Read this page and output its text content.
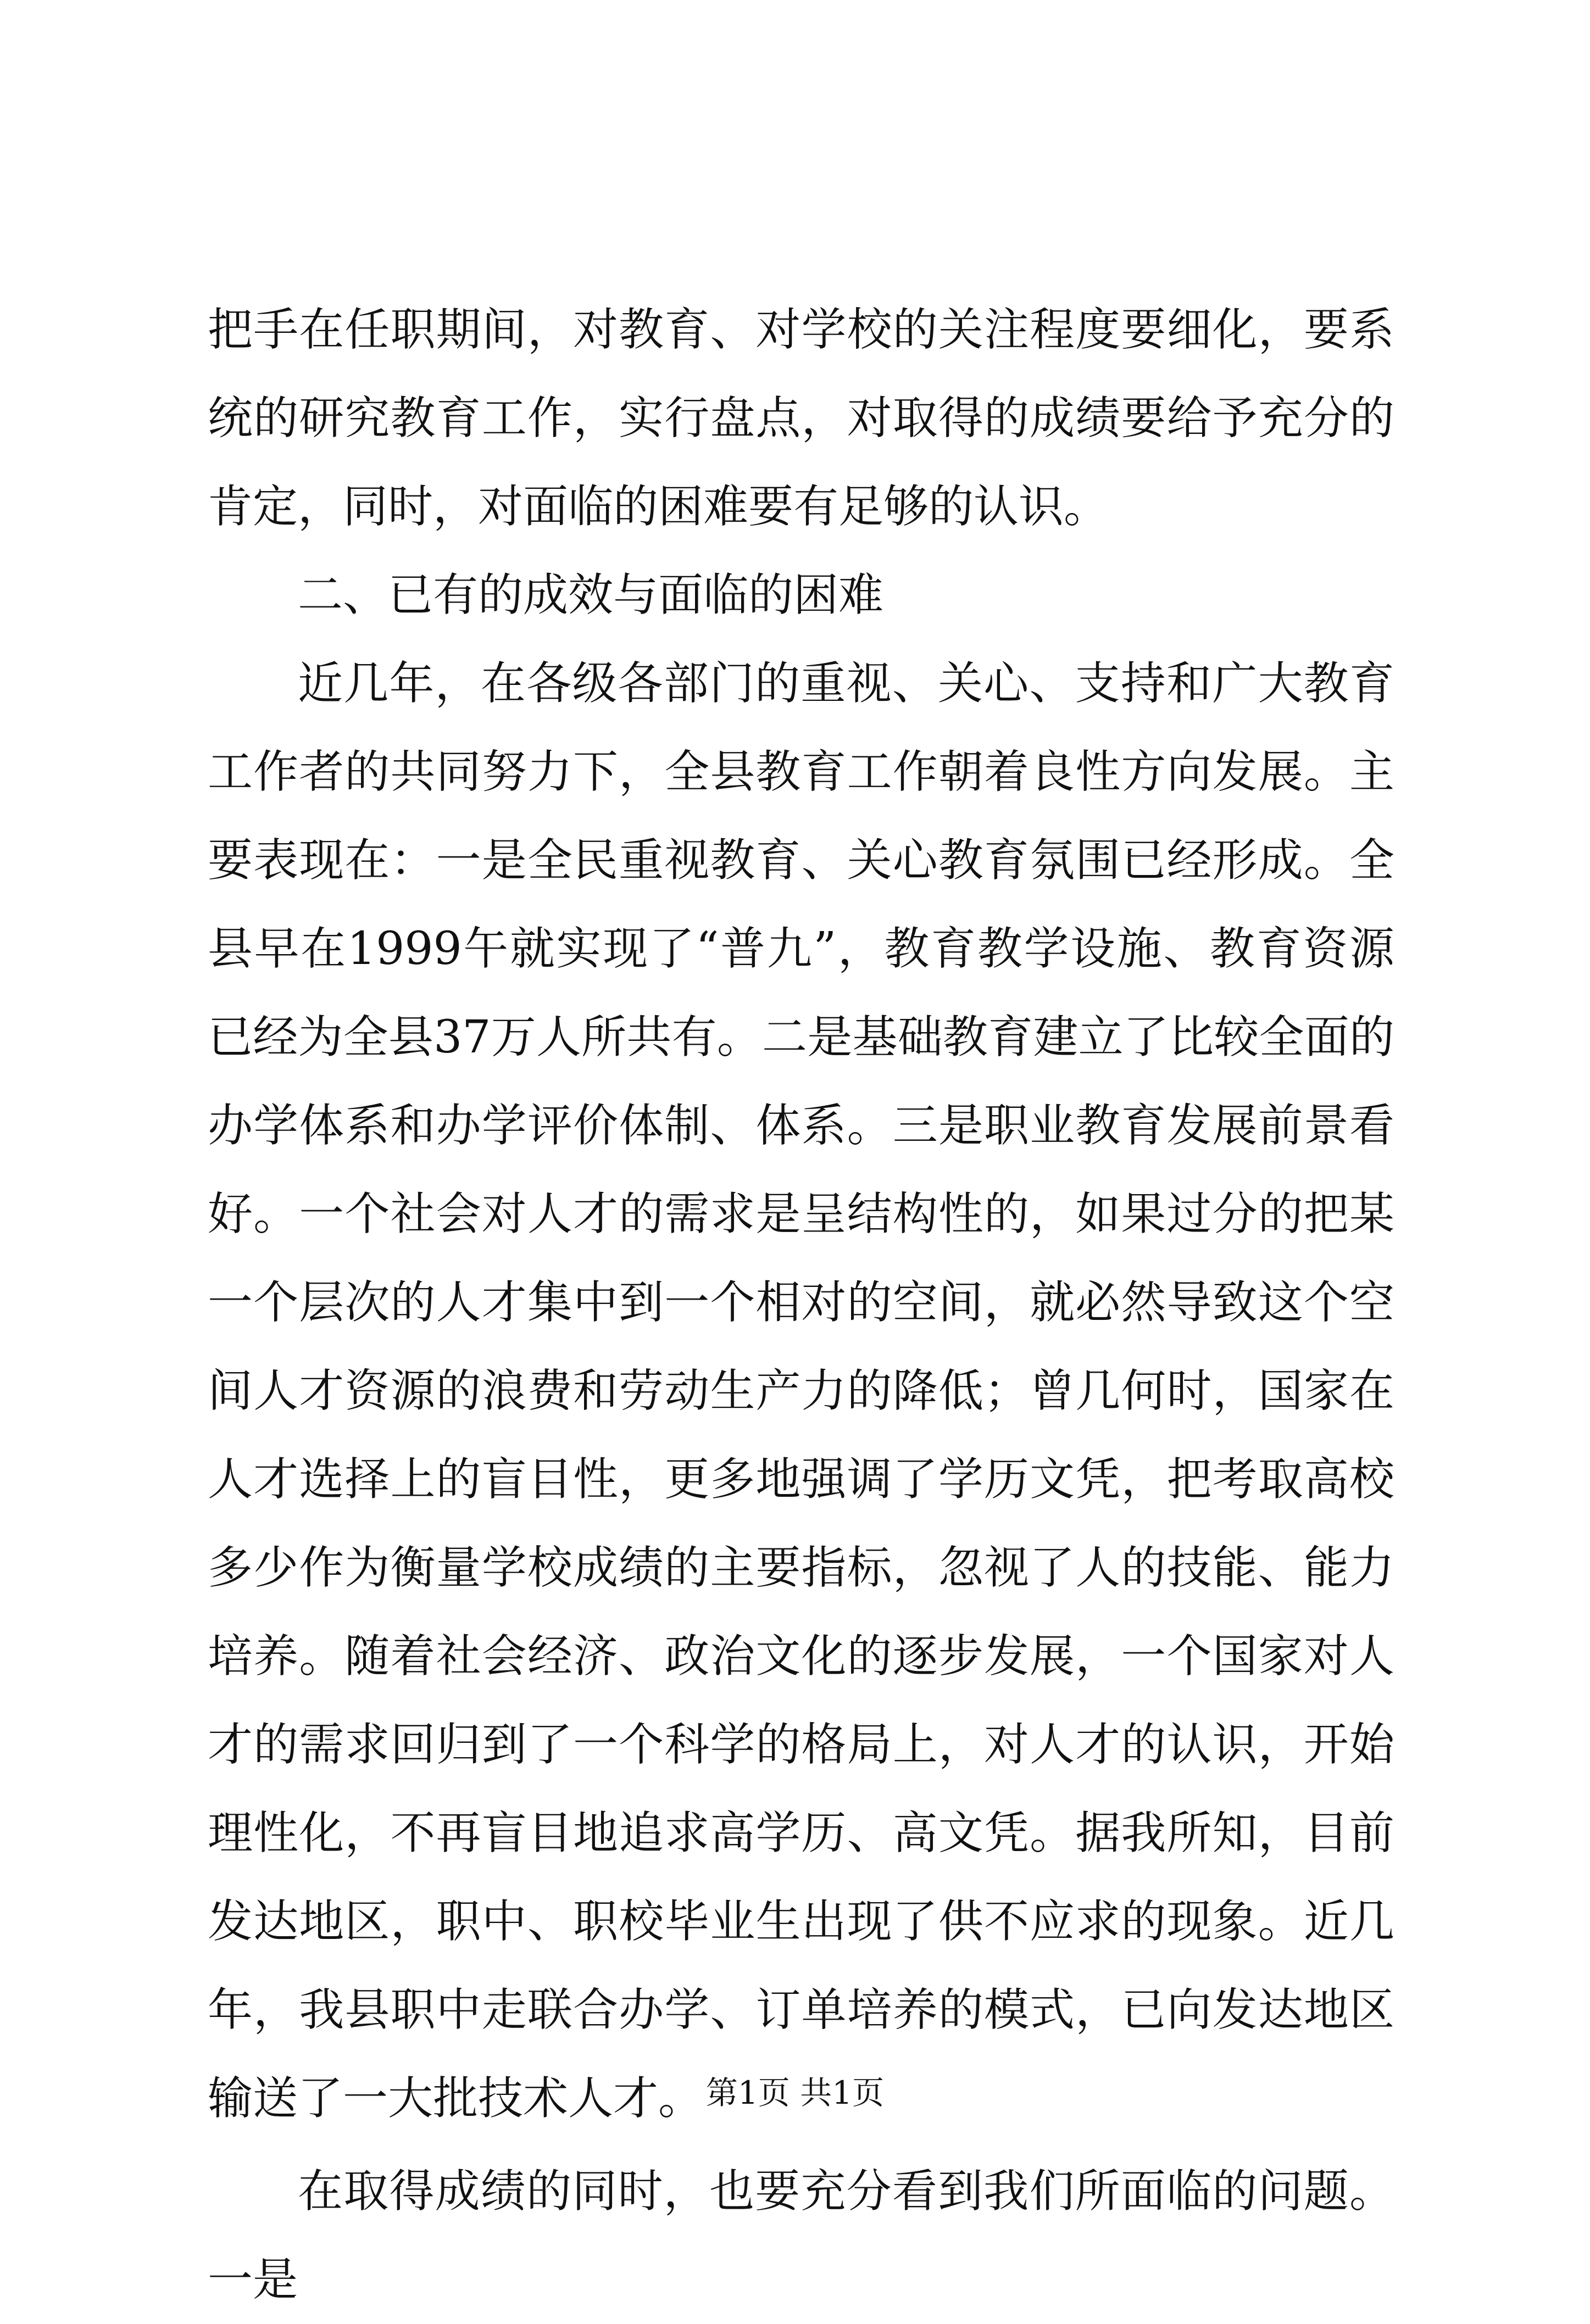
把手在任职期间，对教育、对学校的关注程度要细化，要系统的研究教育工作，实行盘点，对取得的成绩要给予充分的肯定，同时，对面临的困难要有足够的认识。

二、已有的成效与面临的困难

近几年，在各级各部门的重视、关心、支持和广大教育工作者的共同努力下，全县教育工作朝着良性方向发展。主要表现在：一是全民重视教育、关心教育氛围已经形成。全县早在1999午就实现了“普九”，教育教学设施、教育资源已经为全县37万人所共有。二是基础教育建立了比较全面的办学体系和办学评价体制、体系。三是职业教育发展前景看好。一个社会对人才的需求是呈结构性的，如果过分的把某一个层次的人才集中到一个相对的空间，就必然导致这个空间人才资源的浪费和劳动生产力的降低；曾几何时，国家在人才选择上的盲目性，更多地强调了学历文凭，把考取高校多少作为衡量学校成绩的主要指标，忽视了人的技能、能力培养。随着社会经济、政治文化的逐步发展，一个国家对人才的需求回归到了一个科学的格局上，对人才的认识，开始理性化，不再盲目地追求高学历、高文凭。据我所知，目前发达地区，职中、职校毕业生出现了供不应求的现象。近几年，我县职中走联合办学、订单培养的模式，已向发达地区输送了一大批技术人才。

在取得成绩的同时，也要充分看到我们所面临的问题。一是

第1页 共1页
